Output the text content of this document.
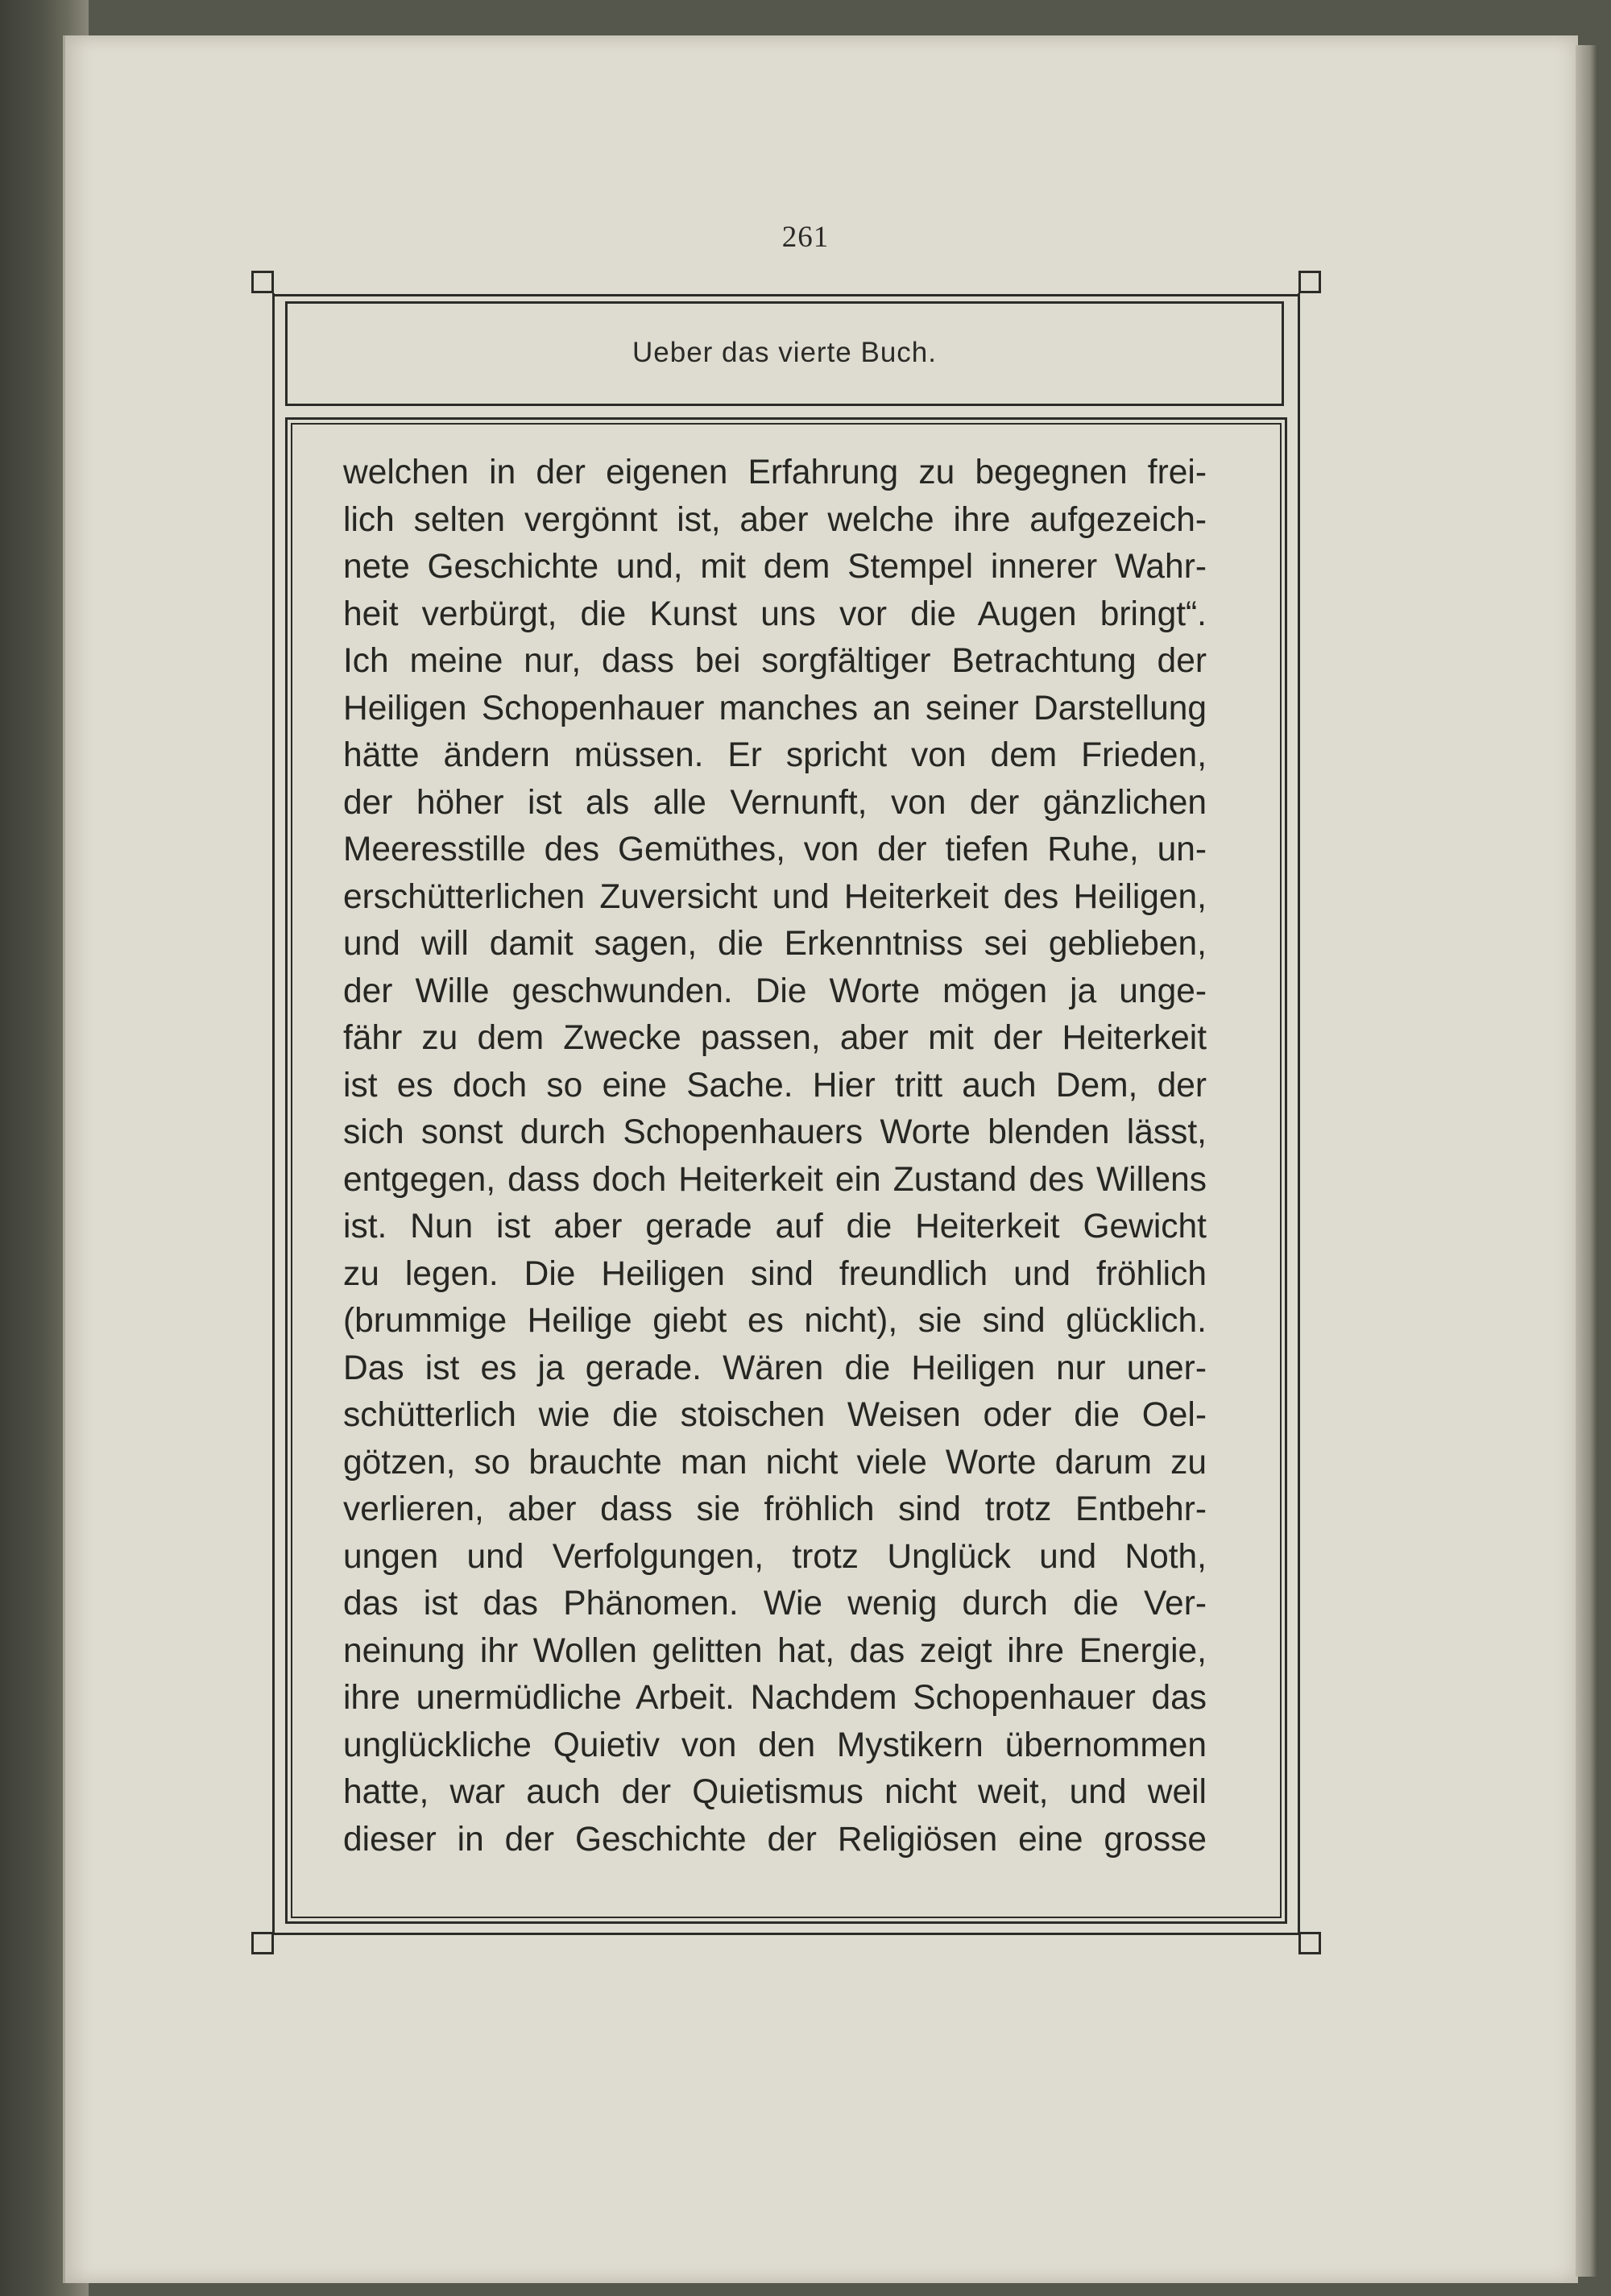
261
Ueber das vierte Buch.
welchen in der eigenen Erfahrung zu begegnen frei-
lich selten vergönnt ist, aber welche ihre aufgezeich-
nete Geschichte und, mit dem Stempel innerer Wahr-
heit verbürgt, die Kunst uns vor die Augen bringt“.
Ich meine nur, dass bei sorgfältiger Betrachtung der
Heiligen Schopenhauer manches an seiner Darstellung
hätte ändern müssen. Er spricht von dem Frieden,
der höher ist als alle Vernunft, von der gänzlichen
Meeresstille des Gemüthes, von der tiefen Ruhe, un-
erschütterlichen Zuversicht und Heiterkeit des Heiligen,
und will damit sagen, die Erkenntniss sei geblieben,
der Wille geschwunden. Die Worte mögen ja unge-
fähr zu dem Zwecke passen, aber mit der Heiterkeit
ist es doch so eine Sache. Hier tritt auch Dem, der
sich sonst durch Schopenhauers Worte blenden lässt,
entgegen, dass doch Heiterkeit ein Zustand des Willens
ist. Nun ist aber gerade auf die Heiterkeit Gewicht
zu legen. Die Heiligen sind freundlich und fröhlich
(brummige Heilige giebt es nicht), sie sind glücklich.
Das ist es ja gerade. Wären die Heiligen nur uner-
schütterlich wie die stoischen Weisen oder die Oel-
götzen, so brauchte man nicht viele Worte darum zu
verlieren, aber dass sie fröhlich sind trotz Entbehr-
ungen und Verfolgungen, trotz Unglück und Noth,
das ist das Phänomen. Wie wenig durch die Ver-
neinung ihr Wollen gelitten hat, das zeigt ihre Energie,
ihre unermüdliche Arbeit. Nachdem Schopenhauer das
unglückliche Quietiv von den Mystikern übernommen
hatte, war auch der Quietismus nicht weit, und weil
dieser in der Geschichte der Religiösen eine grosse
